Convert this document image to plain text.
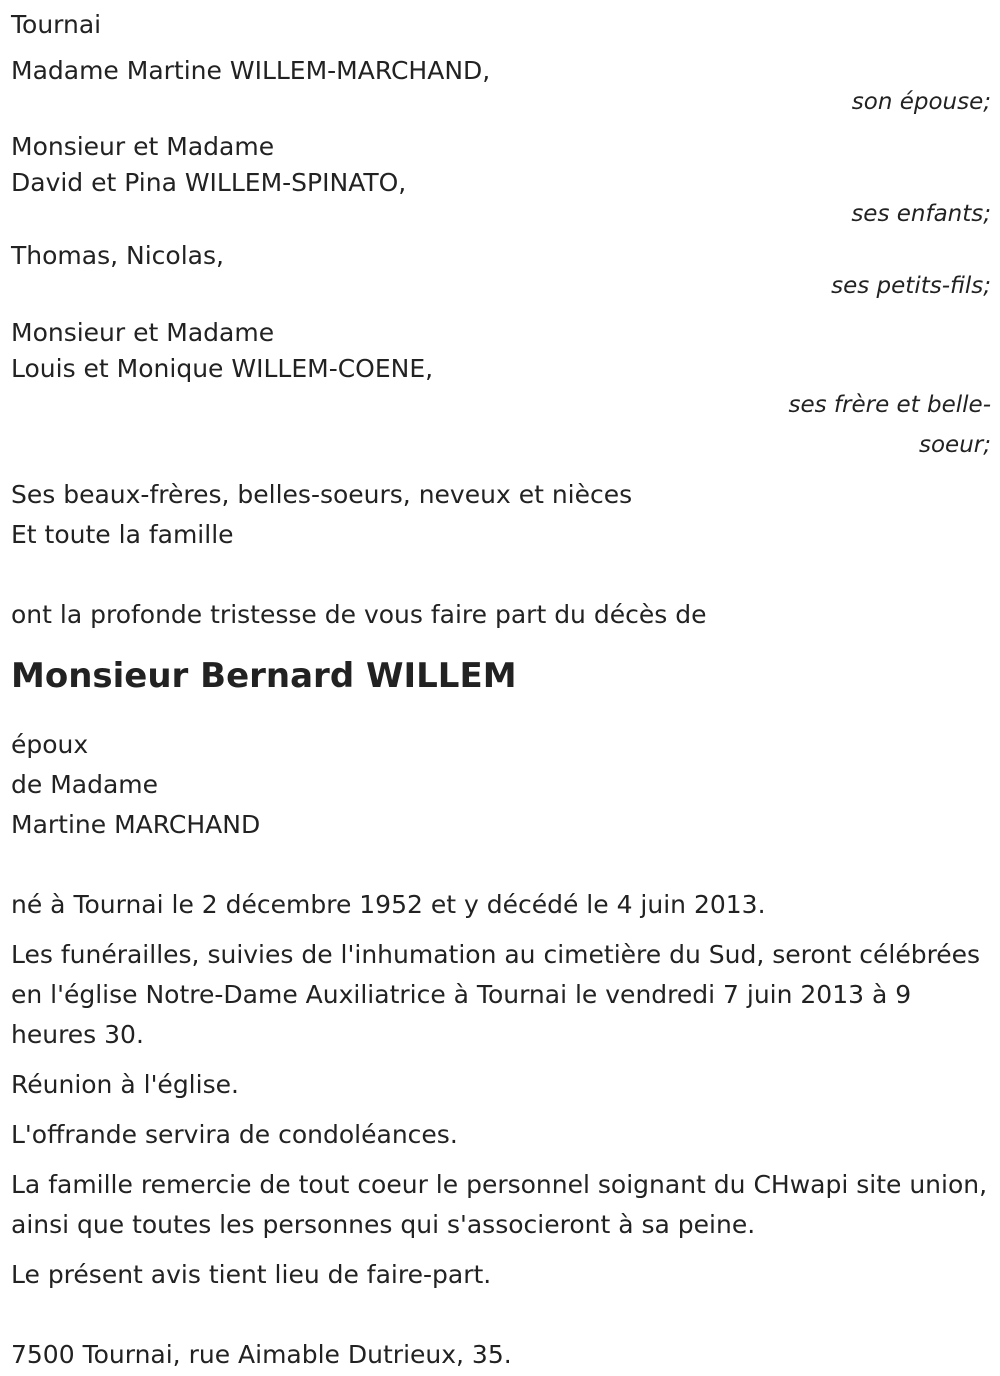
Tournai
Madame Martine WILLEM-MARCHAND,
son épouse;
Monsieur et Madame
David et Pina WILLEM-SPINATO,
ses enfants;
Thomas, Nicolas,
ses petits-fils;
Monsieur et Madame
Louis et Monique WILLEM-COENE,
ses frère et belle-
soeur;
Ses beaux-frères, belles-soeurs, neveux et nièces
Et toute la famille
ont la profonde tristesse de vous faire part du décès de
Monsieur Bernard WILLEM
époux
de Madame
Martine MARCHAND
né à Tournai le 2 décembre 1952 et y décédé le 4 juin 2013.
Les funérailles, suivies de l'inhumation au cimetière du Sud, seront célébrées en l'église Notre-Dame Auxiliatrice à Tournai le vendredi 7 juin 2013 à 9 heures 30.
Réunion à l'église.
L'offrande servira de condoléances.
La famille remercie de tout coeur le personnel soignant du CHwapi site union, ainsi que toutes les personnes qui s'associeront à sa peine.
Le présent avis tient lieu de faire-part.
7500 Tournai, rue Aimable Dutrieux, 35.
